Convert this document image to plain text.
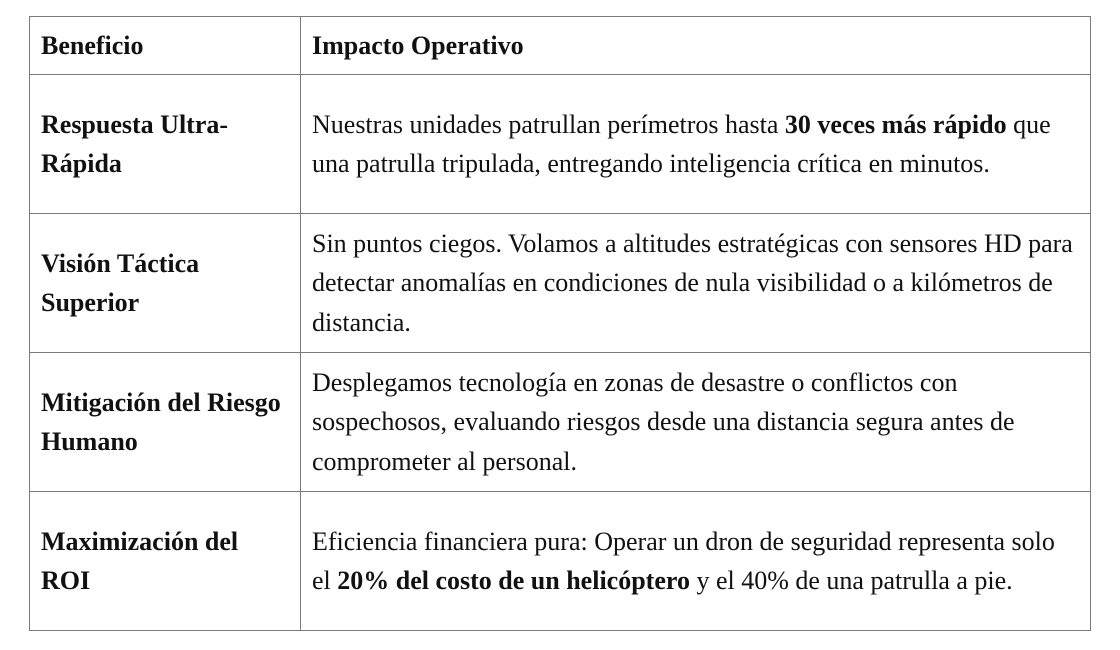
Beneficio	Impacto Operativo
Respuesta Ultra-Rápida	Nuestras unidades patrullan perímetros hasta 30 veces más rápido que una patrulla tripulada, entregando inteligencia crítica en minutos.
Visión Táctica Superior	Sin puntos ciegos. Volamos a altitudes estratégicas con sensores HD para detectar anomalías en condiciones de nula visibilidad o a kilómetros de distancia.
Mitigación del Riesgo Humano	Desplegamos tecnología en zonas de desastre o conflictos con sospechosos, evaluando riesgos desde una distancia segura antes de comprometer al personal.
Maximización del ROI	Eficiencia financiera pura: Operar un dron de seguridad representa solo el 20% del costo de un helicóptero y el 40% de una patrulla a pie.
